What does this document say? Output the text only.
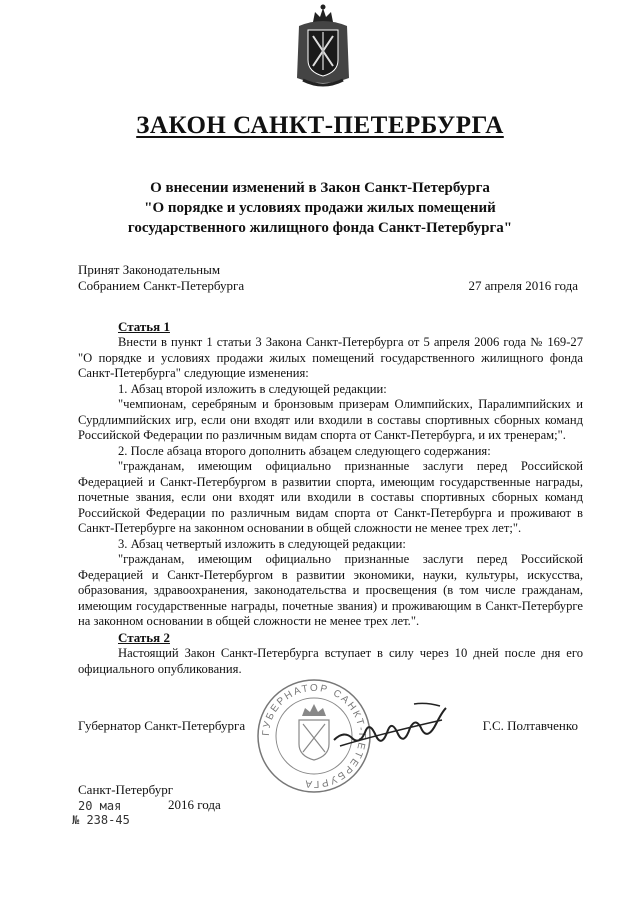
ЗАКОН САНКТ-ПЕТЕРБУРГА
О внесении изменений в Закон Санкт-Петербурга
"О порядке и условиях продажи жилых помещений
государственного жилищного фонда Санкт-Петербурга"
Принят Законодательным
Собранием Санкт-Петербурга	27 апреля 2016 года
Статья 1

Внести в пункт 1 статьи 3 Закона Санкт-Петербурга от 5 апреля 2006 года № 169-27 "О порядке и условиях продажи жилых помещений государственного жилищного фонда Санкт-Петербурга" следующие изменения:

1. Абзац второй изложить в следующей редакции:

"чемпионам, серебряным и бронзовым призерам Олимпийских, Паралимпийских и Сурдлимпийских игр, если они входят или входили в составы спортивных сборных команд Российской Федерации по различным видам спорта от Санкт-Петербурга, и их тренерам;".

2. После абзаца второго дополнить абзацем следующего содержания:

"гражданам, имеющим официально признанные заслуги перед Российской Федерацией и Санкт-Петербургом в развитии спорта, имеющим государственные награды, почетные звания, если они входят или входили в составы спортивных сборных команд Российской Федерации по различным видам спорта от Санкт-Петербурга и проживают в Санкт-Петербурге на законном основании в общей сложности не менее трех лет;".

3. Абзац четвертый изложить в следующей редакции:

"гражданам, имеющим официально признанные заслуги перед Российской Федерацией и Санкт-Петербургом в развитии экономики, науки, культуры, искусства, образования, здравоохранения, законодательства и просвещения (в том числе гражданам, имеющим государственные награды, почетные звания) и проживающим в Санкт-Петербурге на законном основании в общей сложности не менее трех лет.".

Статья 2

Настоящий Закон Санкт-Петербурга вступает в силу через 10 дней после дня его официального опубликования.

Губернатор Санкт-Петербурга	Г.С. Полтавченко
ГУБЕРНАТОР САНКТ-ПЕТЕРБУРГА
Санкт-Петербург
20 мая	2016 года
№ 238-45
